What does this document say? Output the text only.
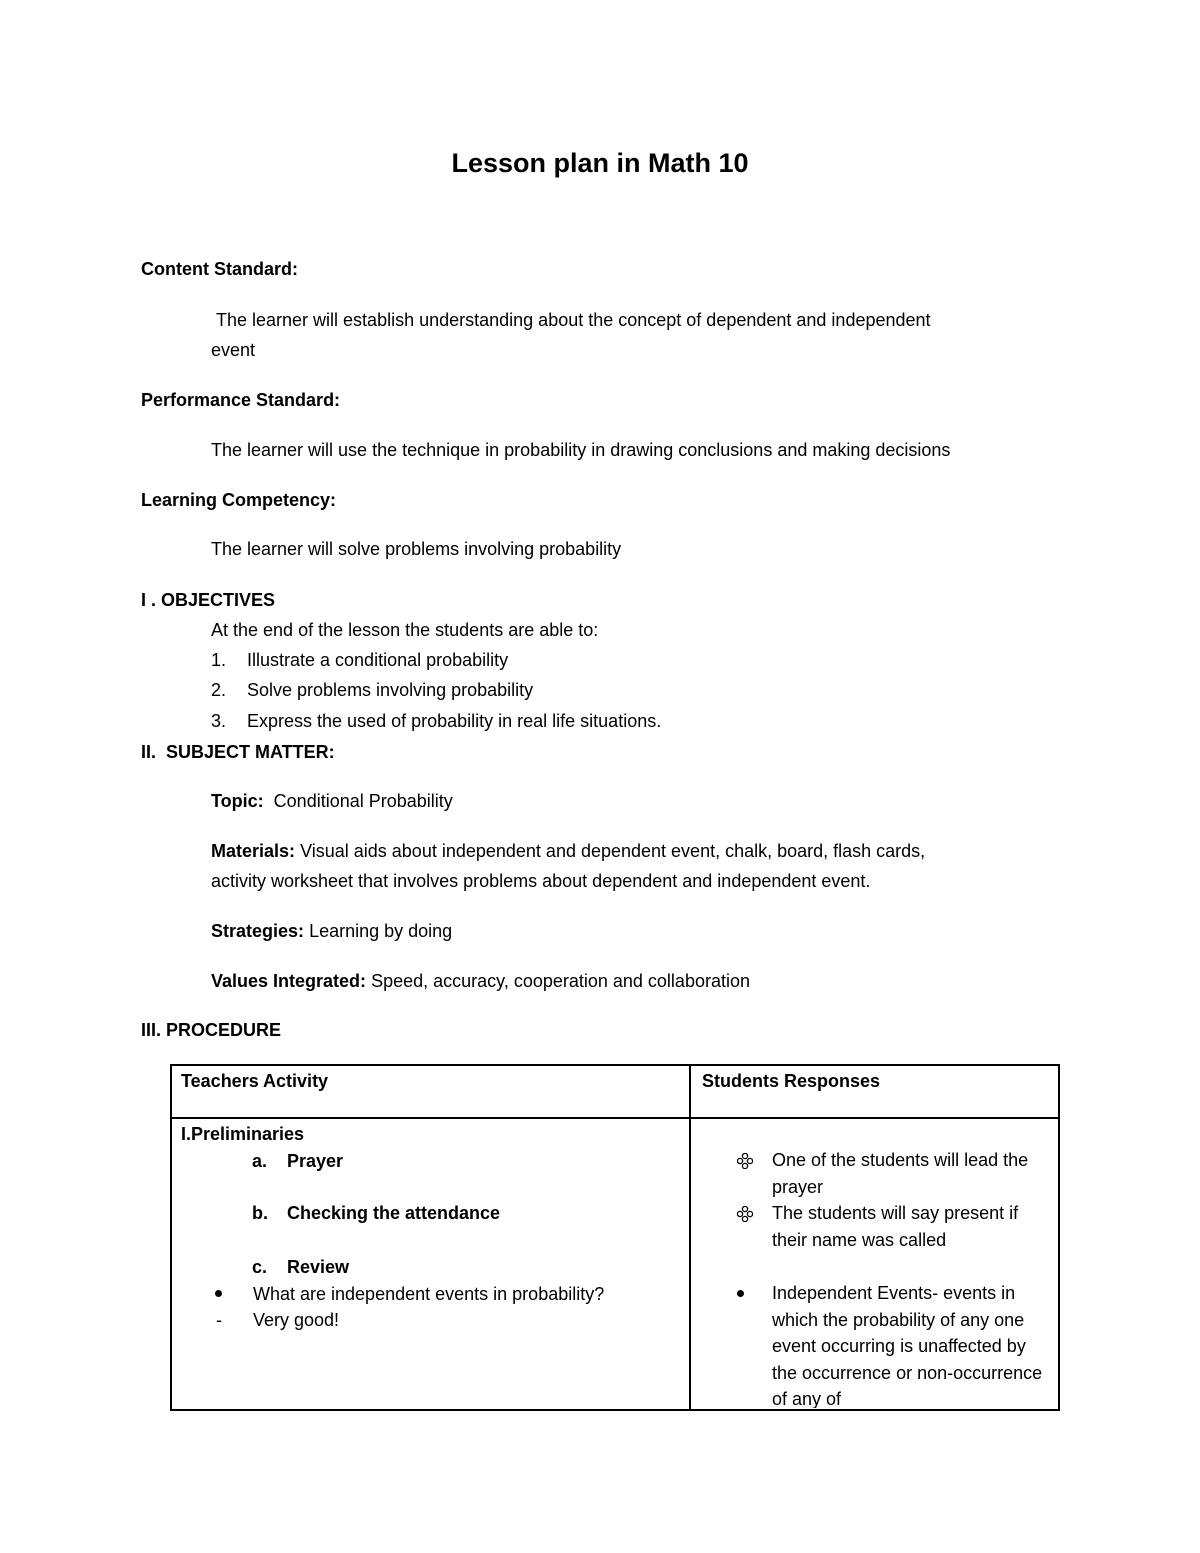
Lesson plan in Math 10
Content Standard:
The learner will establish understanding about the concept of dependent and independent
event
Performance Standard:
The learner will use the technique in probability in drawing conclusions and making decisions
Learning Competency:
The learner will solve problems involving probability
I . OBJECTIVES
At the end of the lesson the students are able to:
1. Illustrate a conditional probability
2. Solve problems involving probability
3. Express the used of probability in real life situations.
II.  SUBJECT MATTER:
Topic: Conditional Probability
Materials: Visual aids about independent and dependent event, chalk, board, flash cards,
activity worksheet that involves problems about dependent and independent event.
Strategies: Learning by doing
Values Integrated: Speed, accuracy, cooperation and collaboration
III. PROCEDURE
Teachers Activity	Students Responses
I.Preliminaries
a. Prayer
b. Checking the attendance
c. Review
What are independent events in probability?
- Very good!
One of the students will lead the prayer
The students will say present if their name was called
Independent Events- events in which the probability of any one event occurring is unaffected by the occurrence or non-occurrence of any of
